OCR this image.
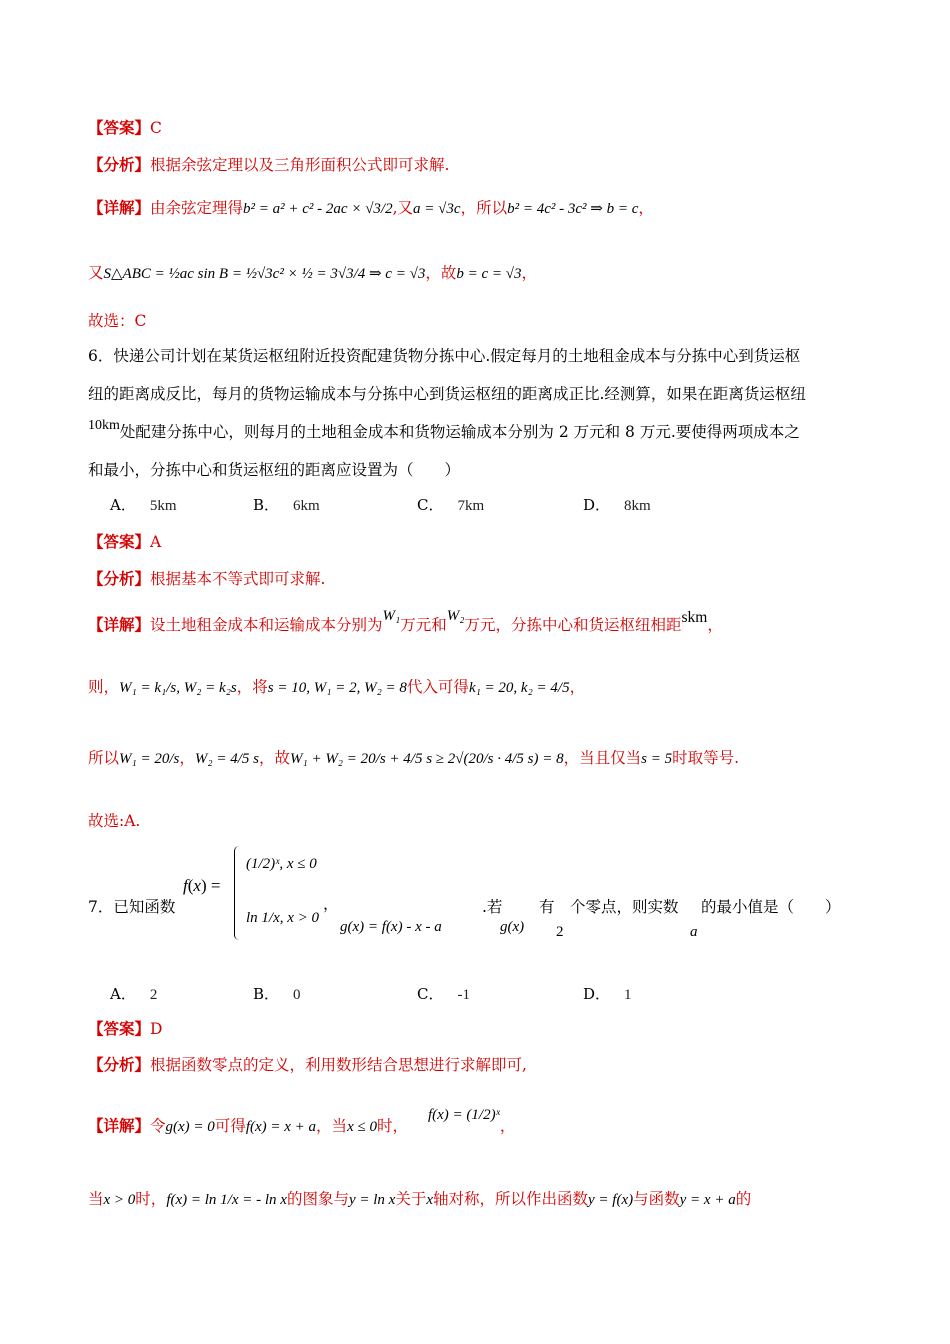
【答案】C
【分析】根据余弦定理以及三角形面积公式即可求解.
【详解】由余弦定理得b² = a² + c² - 2ac × √3/2,又a = √3c，所以b² = 4c² - 3c² ⇒ b = c，
又S△ABC = ½ac sin B = ½√3c² × ½ = 3√3/4 ⇒ c = √3，故b = c = √3，
故选：C
6．快递公司计划在某货运枢纽附近投资配建货物分拣中心.假定每月的土地租金成本与分拣中心到货运枢
纽的距离成反比，每月的货物运输成本与分拣中心到货运枢纽的距离成正比.经测算，如果在距离货运枢纽
10km处配建分拣中心，则每月的土地租金成本和货物运输成本分别为 2 万元和 8 万元.要使得两项成本之
和最小，分拣中心和货运枢纽的距离应设置为（　　）
A． 5km	B． 6km	C． 7km	D． 8km
【答案】A
【分析】根据基本不等式即可求解.
【详解】设土地租金成本和运输成本分别为W₁万元和W₂万元，分拣中心和货运枢纽相距skm，
则，W₁ = k₁/s, W₂ = k₂s，将s = 10, W₁ = 2, W₂ = 8代入可得k₁ = 20, k₂ = 4/5，
所以W₁ = 20/s，W₂ = 4/5 s，故W₁ + W₂ = 20/s + 4/5 s ≥ 2√(20/s · 4/5 s) = 8，当且仅当s = 5时取等号.
故选:A.
7．已知函数
f(x) =
(1/2)ˣ, x ≤ 0
ln 1/x, x > 0
，
g(x) = f(x) - x - a
.若
g(x)
有
2
个零点，则实数
a
的最小值是（　　）
A． 2	B． 0	C． -1	D． 1
【答案】D
【分析】根据函数零点的定义，利用数形结合思想进行求解即可,
【详解】令g(x) = 0可得f(x) = x + a，当x ≤ 0时，f(x) = (1/2)ˣ，
当x > 0时，f(x) = ln 1/x = - ln x的图象与y = ln x关于x轴对称，所以作出函数y = f(x)与函数y = x + a的
